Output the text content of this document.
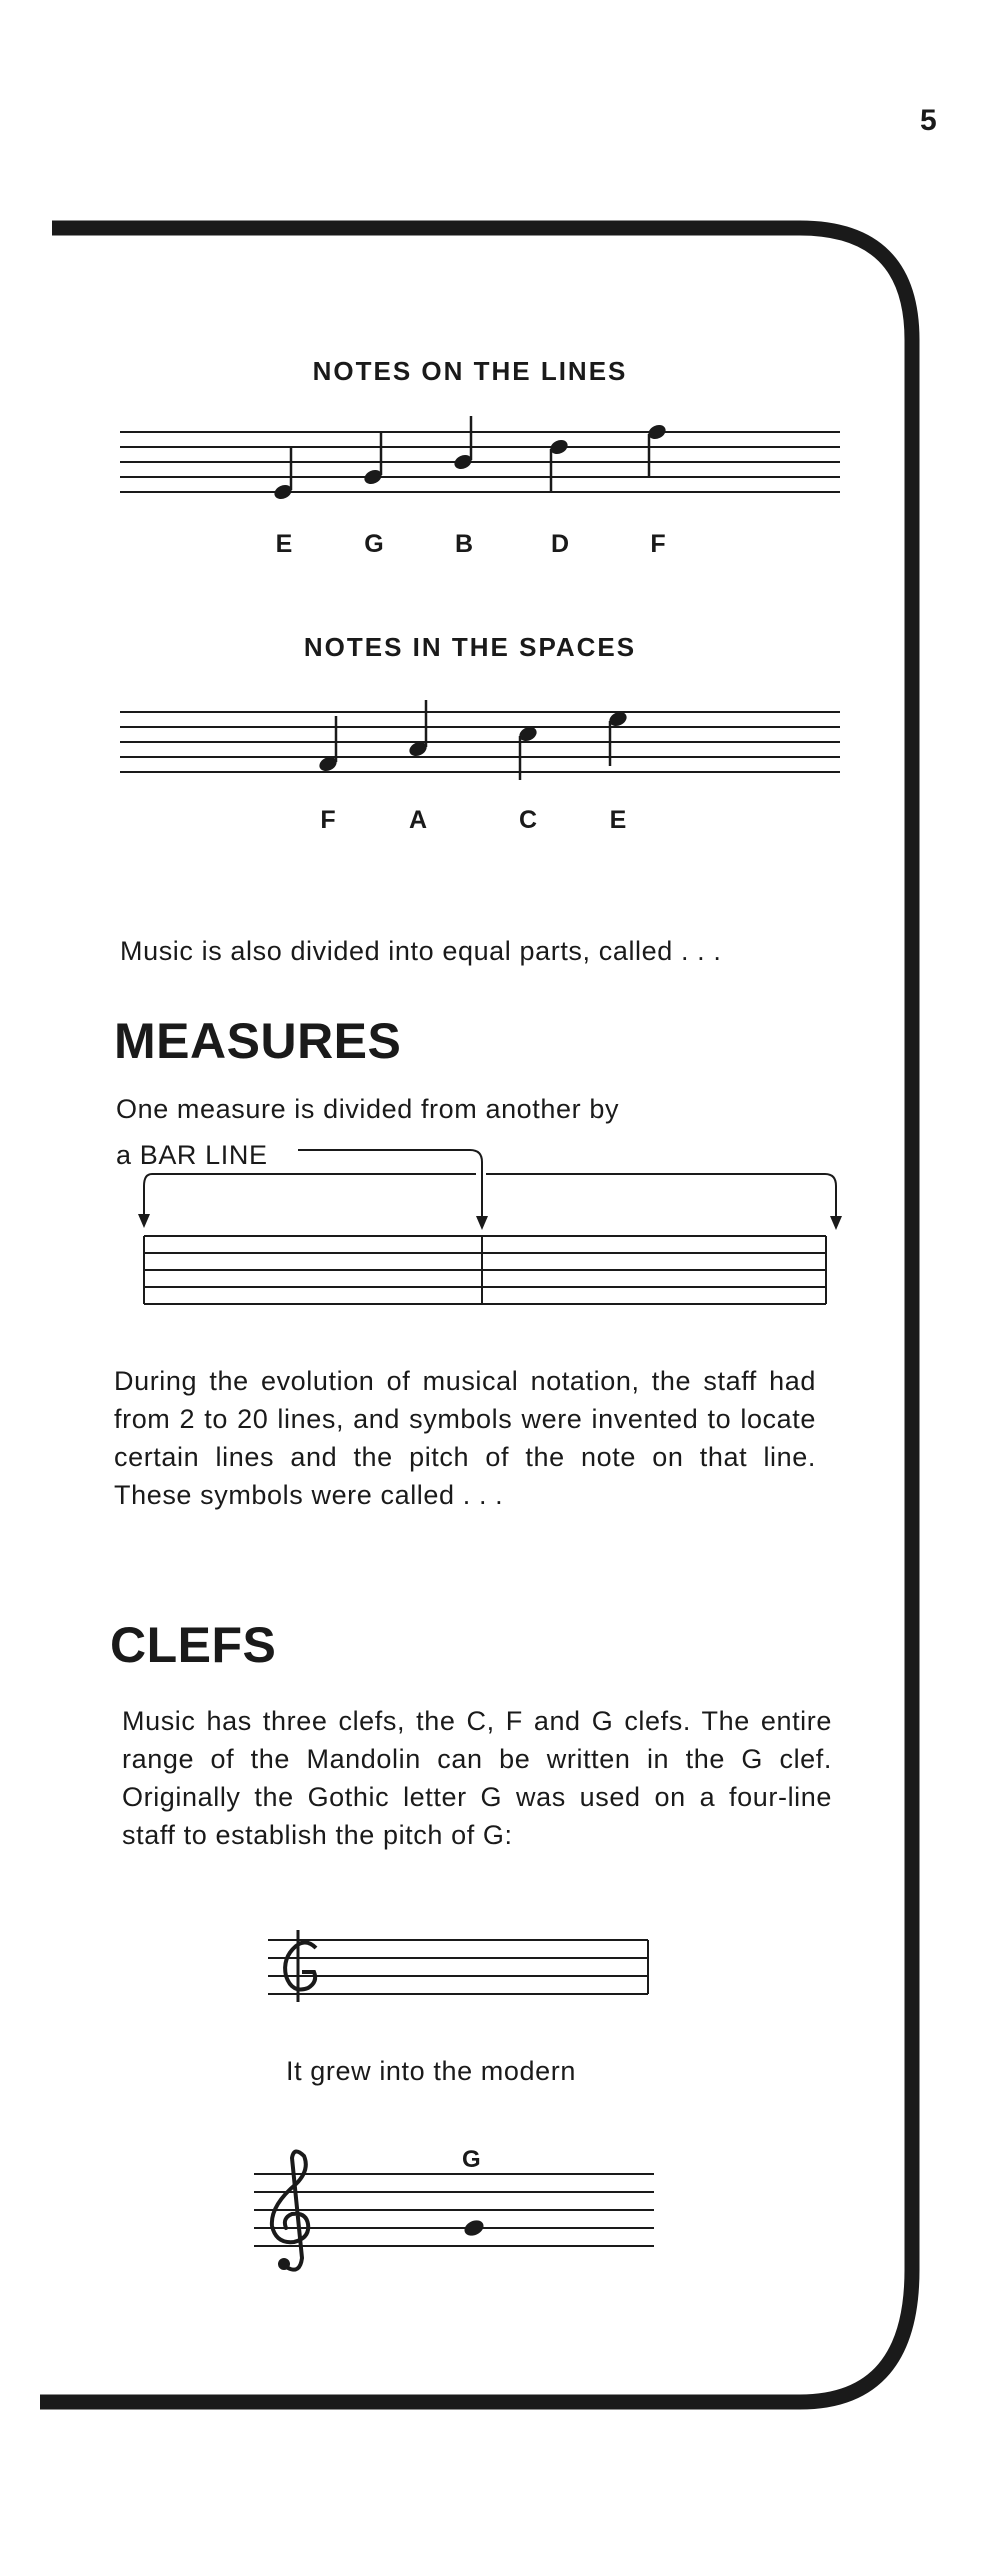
5
NOTES ON THE LINES
E	G	B	D	F
NOTES IN THE SPACES
F	A	C	E
Music is also divided into equal parts, called . . .
MEASURES
One measure is divided from another by
a BAR LINE
During the evolution of musical notation, the staff had from 2 to 20 lines, and symbols were invented to locate certain lines and the pitch of the note on that line. These symbols were called . . .
CLEFS
Music has three clefs, the C, F and G clefs. The entire range of the Mandolin can be written in the G clef. Originally the Gothic letter G was used on a four-line staff to establish the pitch of G:
It grew into the modern
G
